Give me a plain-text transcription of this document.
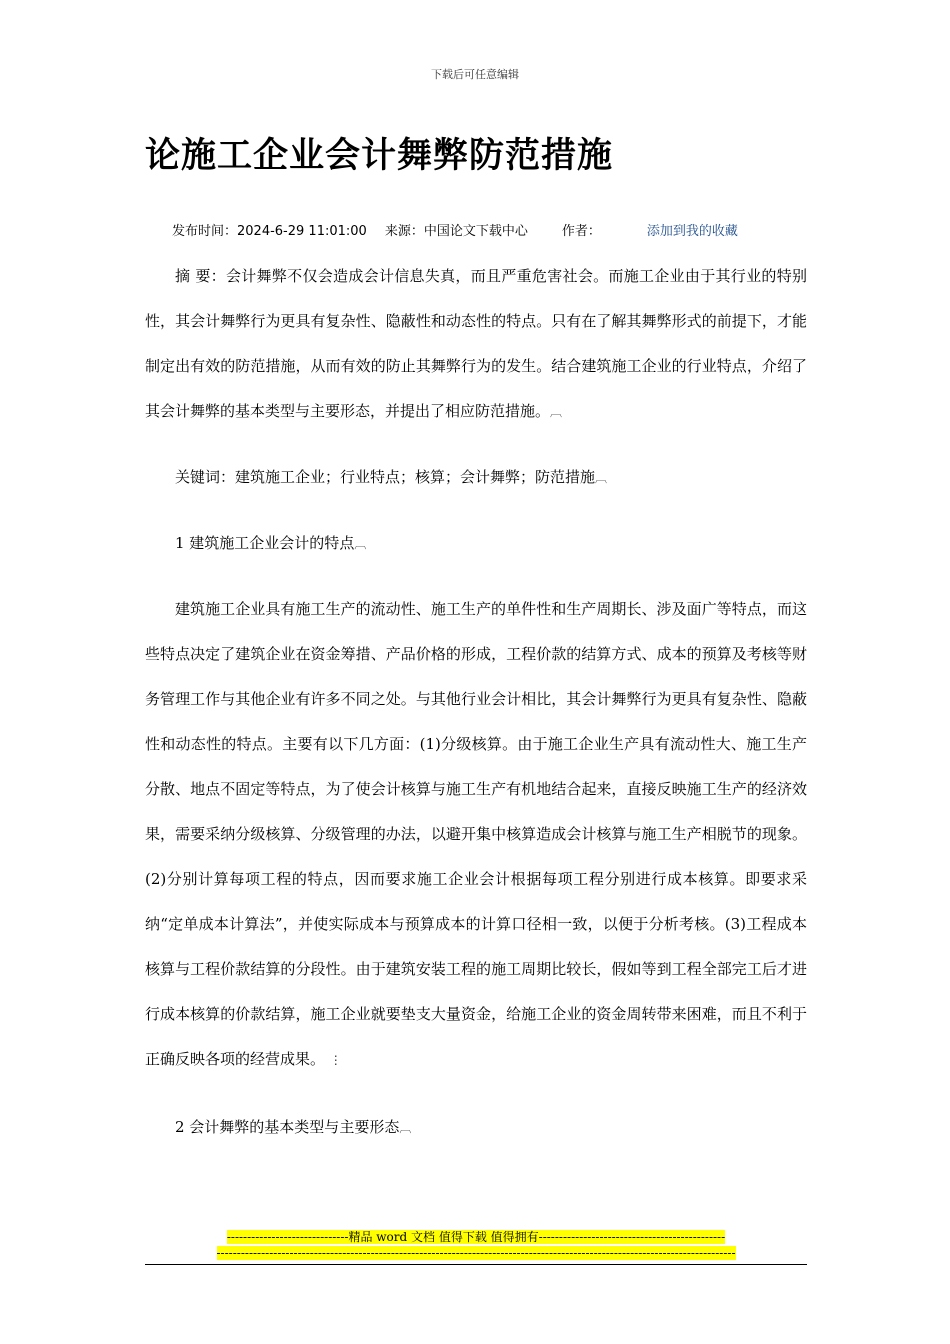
下载后可任意编辑
论施工企业会计舞弊防范措施
发布时间：2024-6-29 11:01:00 来源：中国论文下载中心	作者：	添加到我的收藏

摘 要：会计舞弊不仅会造成会计信息失真，而且严重危害社会。而施工企业由于其行业的特别性，其会计舞弊行为更具有复杂性、隐蔽性和动态性的特点。只有在了解其舞弊形式的前提下，才能制定出有效的防范措施，从而有效的防止其舞弊行为的发生。结合建筑施工企业的行业特点，介绍了其会计舞弊的基本类型与主要形态，并提出了相应防范措施。︹

关键词：建筑施工企业；行业特点；核算；会计舞弊；防范措施︹

1 建筑施工企业会计的特点︹

建筑施工企业具有施工生产的流动性、施工生产的单件性和生产周期长、涉及面广等特点，而这些特点决定了建筑企业在资金筹措、产品价格的形成，工程价款的结算方式、成本的预算及考核等财务管理工作与其他企业有许多不同之处。与其他行业会计相比，其会计舞弊行为更具有复杂性、隐蔽性和动态性的特点。主要有以下几方面：(1)分级核算。由于施工企业生产具有流动性大、施工生产分散、地点不固定等特点，为了使会计核算与施工生产有机地结合起来，直接反映施工生产的经济效果，需要采纳分级核算、分级管理的办法，以避开集中核算造成会计核算与施工生产相脱节的现象。(2)分别计算每项工程的特点，因而要求施工企业会计根据每项工程分别进行成本核算。即要求采纳“定单成本计算法”，并使实际成本与预算成本的计算口径相一致，以便于分析考核。(3)工程成本核算与工程价款结算的分段性。由于建筑安装工程的施工周期比较长，假如等到工程全部完工后才进行成本核算的价款结算，施工企业就要垫支大量资金，给施工企业的资金周转带来困难，而且不利于正确反映各项的经营成果。 ⋮

2 会计舞弊的基本类型与主要形态︹

------------------------------精品 word 文档 值得下载 值得拥有----------------------------------------------
--------------------------------------------------------------------------------------------------------------------------------
